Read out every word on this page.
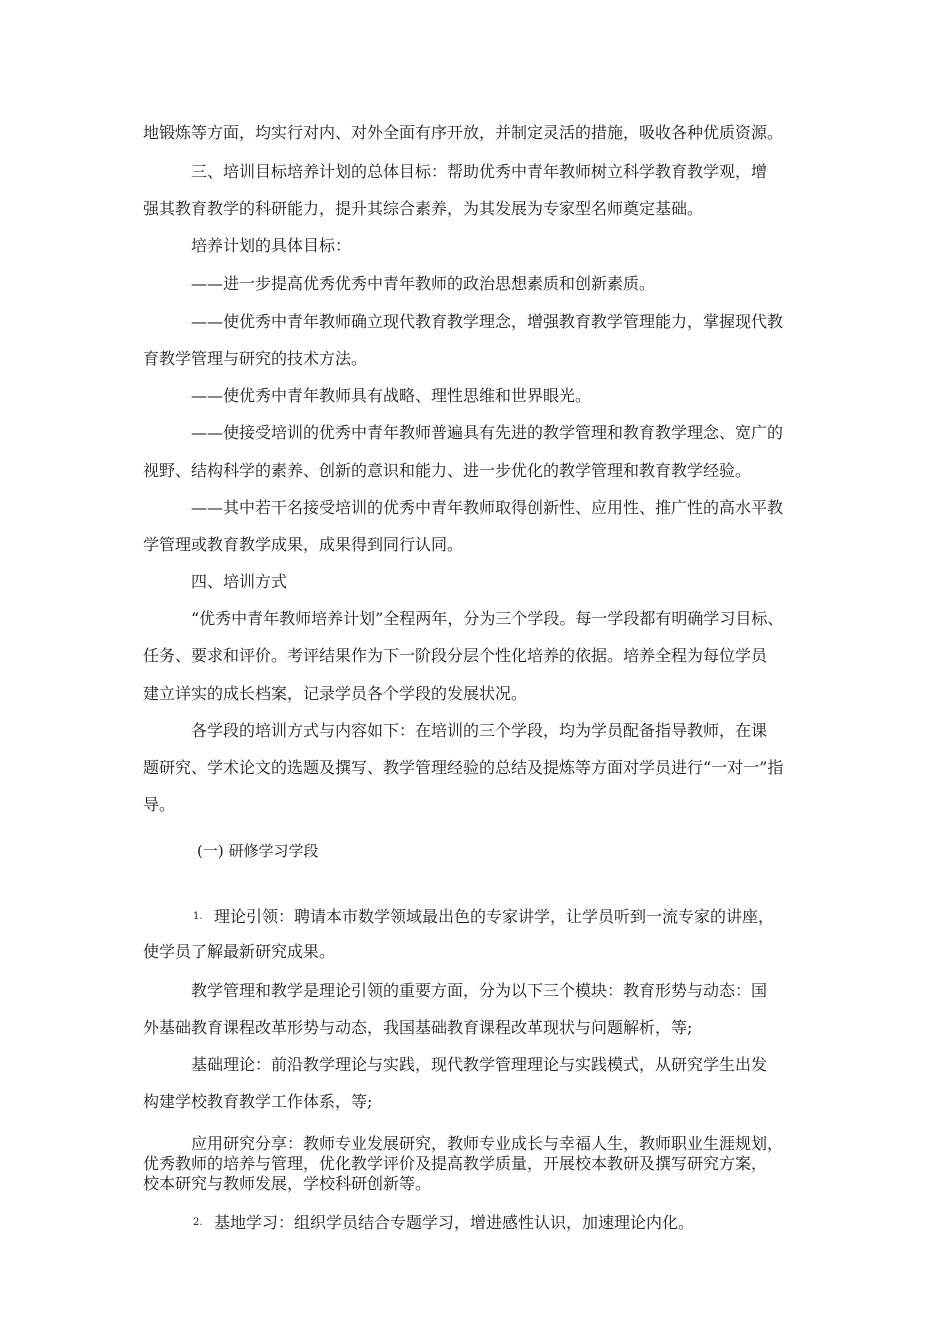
地锻炼等方面，均实行对内、对外全面有序开放，并制定灵活的措施，吸收各种优质资源。
三、培训目标培养计划的总体目标：帮助优秀中青年教师树立科学教育教学观，增
强其教育教学的科研能力，提升其综合素养，为其发展为专家型名师奠定基础。
培养计划的具体目标：
——进一步提高优秀优秀中青年教师的政治思想素质和创新素质。
——使优秀中青年教师确立现代教育教学理念，增强教育教学管理能力，掌握现代教
育教学管理与研究的技术方法。
——使优秀中青年教师具有战略、理性思维和世界眼光。
——使接受培训的优秀中青年教师普遍具有先进的教学管理和教育教学理念、宽广的
视野、结构科学的素养、创新的意识和能力、进一步优化的教学管理和教育教学经验。
——其中若干名接受培训的优秀中青年教师取得创新性、应用性、推广性的高水平教
学管理或教育教学成果，成果得到同行认同。
四、培训方式
“优秀中青年教师培养计划”全程两年，分为三个学段。每一学段都有明确学习目标、
任务、要求和评价。考评结果作为下一阶段分层个性化培养的依据。培养全程为每位学员
建立详实的成长档案，记录学员各个学段的发展状况。
各学段的培训方式与内容如下：在培训的三个学段，均为学员配备指导教师，在课
题研究、学术论文的选题及撰写、教学管理经验的总结及提炼等方面对学员进行“一对一”指
导。
(一) 研修学习学段
1. 理论引领：聘请本市数学领域最出色的专家讲学，让学员听到一流专家的讲座，
使学员了解最新研究成果。
教学管理和教学是理论引领的重要方面，分为以下三个模块：教育形势与动态：国
外基础教育课程改革形势与动态，我国基础教育课程改革现状与问题解析，等;
基础理论：前沿教学理论与实践，现代教学管理理论与实践模式，从研究学生出发
构建学校教育教学工作体系，等;
应用研究分享：教师专业发展研究，教师专业成长与幸福人生，教师职业生涯规划，
优秀教师的培养与管理，优化教学评价及提高教学质量，开展校本教研及撰写研究方案，
校本研究与教师发展，学校科研创新等。
2. 基地学习：组织学员结合专题学习，增进感性认识，加速理论内化。
